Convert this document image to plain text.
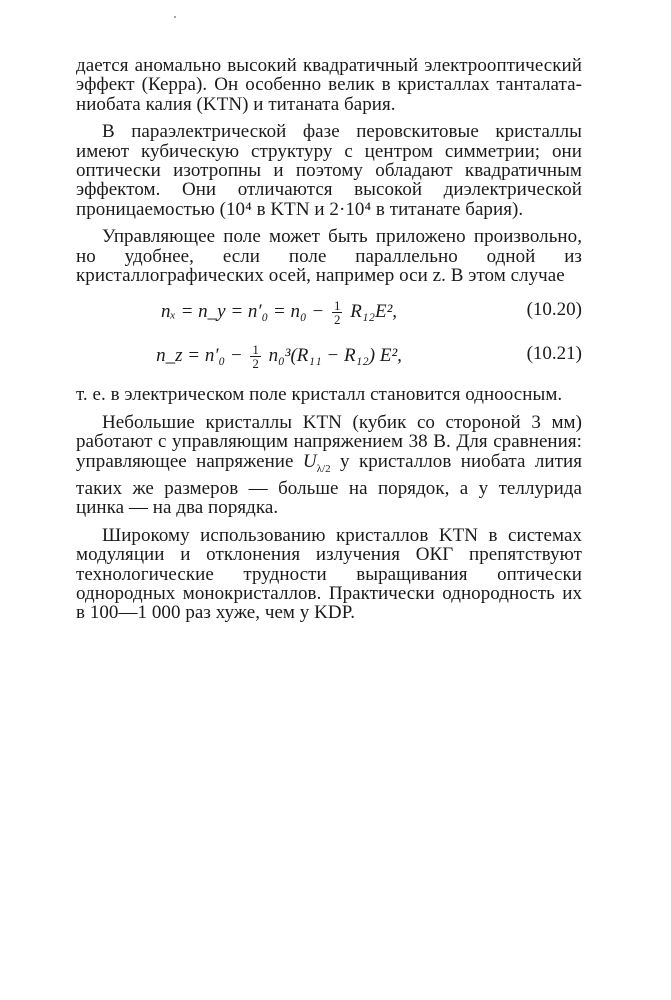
дается аномально высокий квадратичный электрооптический эффект (Керра). Он особенно велик в кристаллах танталата-ниобата калия (KTN) и титаната бария.

В параэлектрической фазе перовскитовые кристаллы имеют кубическую структуру с центром симметрии; они оптически изотропны и поэтому обладают квадратичным эффектом. Они отличаются высокой диэлектрической проницаемостью (10⁴ в KTN и 2·10⁴ в титанате бария).

Управляющее поле может быть приложено произвольно, но удобнее, если поле параллельно одной из кристаллографических осей, например оси z. В этом случае

nₓ = n_y = $n'_0 = n_0 - \frac{1}{2} R_{12}E^2$,	(10.20)
n_z = $n'_0 - \frac{1}{2} n_0^3(R_{11} - R_{12})$ E²,	(10.21)

т. е. в электрическом поле кристалл становится одноосным.

Небольшие кристаллы KTN (кубик со стороной 3 мм) работают с управляющим напряжением 38 В. Для сравнения: управляющее напряжение $U_{\lambda/2}$ у кристаллов ниобата лития таких же размеров — больше на порядок, а у теллурида цинка — на два порядка.

Широкому использованию кристаллов KTN в системах модуляции и отклонения излучения ОКГ препятствуют технологические трудности выращивания оптически однородных монокристаллов. Практически однородность их в 100—1 000 раз хуже, чем у KDP.
